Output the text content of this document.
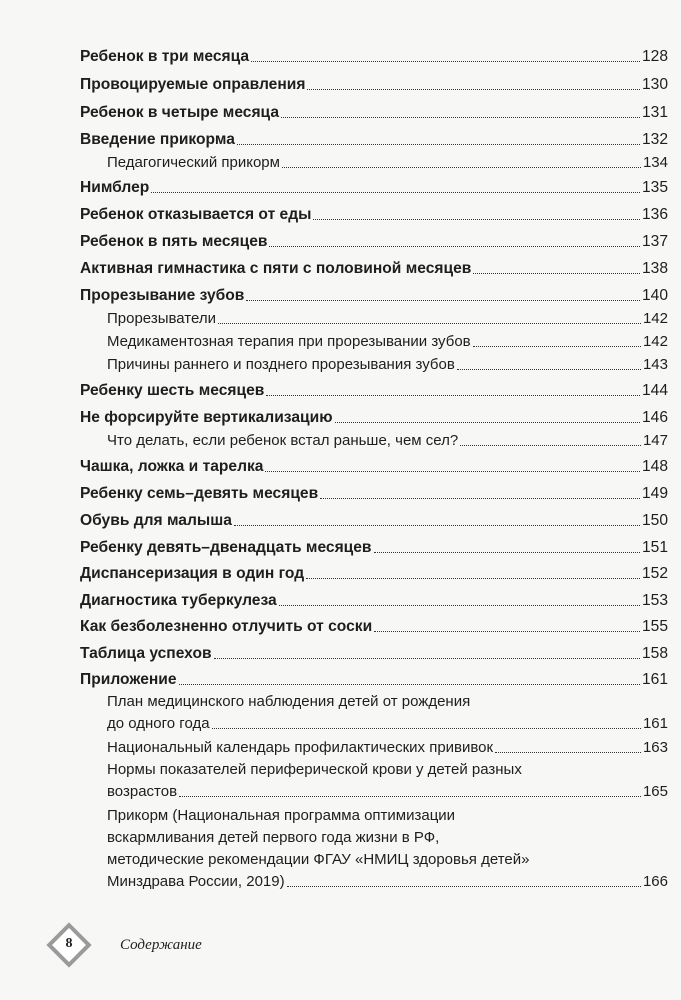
Ребенок в три месяца	128
Провоцируемые оправления	130
Ребенок в четыре месяца	131
Введение прикорма	132
Педагогический прикорм	134
Нимблер	135
Ребенок отказывается от еды	136
Ребенок в пять месяцев	137
Активная гимнастика с пяти с половиной месяцев	138
Прорезывание зубов	140
Прорезыватели	142
Медикаментозная терапия при прорезывании зубов	142
Причины раннего и позднего прорезывания зубов	143
Ребенку шесть месяцев	144
Не форсируйте вертикализацию	146
Что делать, если ребенок встал раньше, чем сел?	147
Чашка, ложка и тарелка	148
Ребенку семь–девять месяцев	149
Обувь для малыша	150
Ребенку девять–двенадцать месяцев	151
Диспансеризация в один год	152
Диагностика туберкулеза	153
Как безболезненно отлучить от соски	155
Таблица успехов	158
Приложение	161
План медицинского наблюдения детей от рождения
до одного года	161
Национальный календарь профилактических прививок	163
Нормы показателей периферической крови у детей разных
возрастов	165
Прикорм (Национальная программа оптимизации
вскармливания детей первого года жизни в РФ,
методические рекомендации ФГАУ «НМИЦ здоровья детей»
Минздрава России, 2019)	166
8	Содержание
